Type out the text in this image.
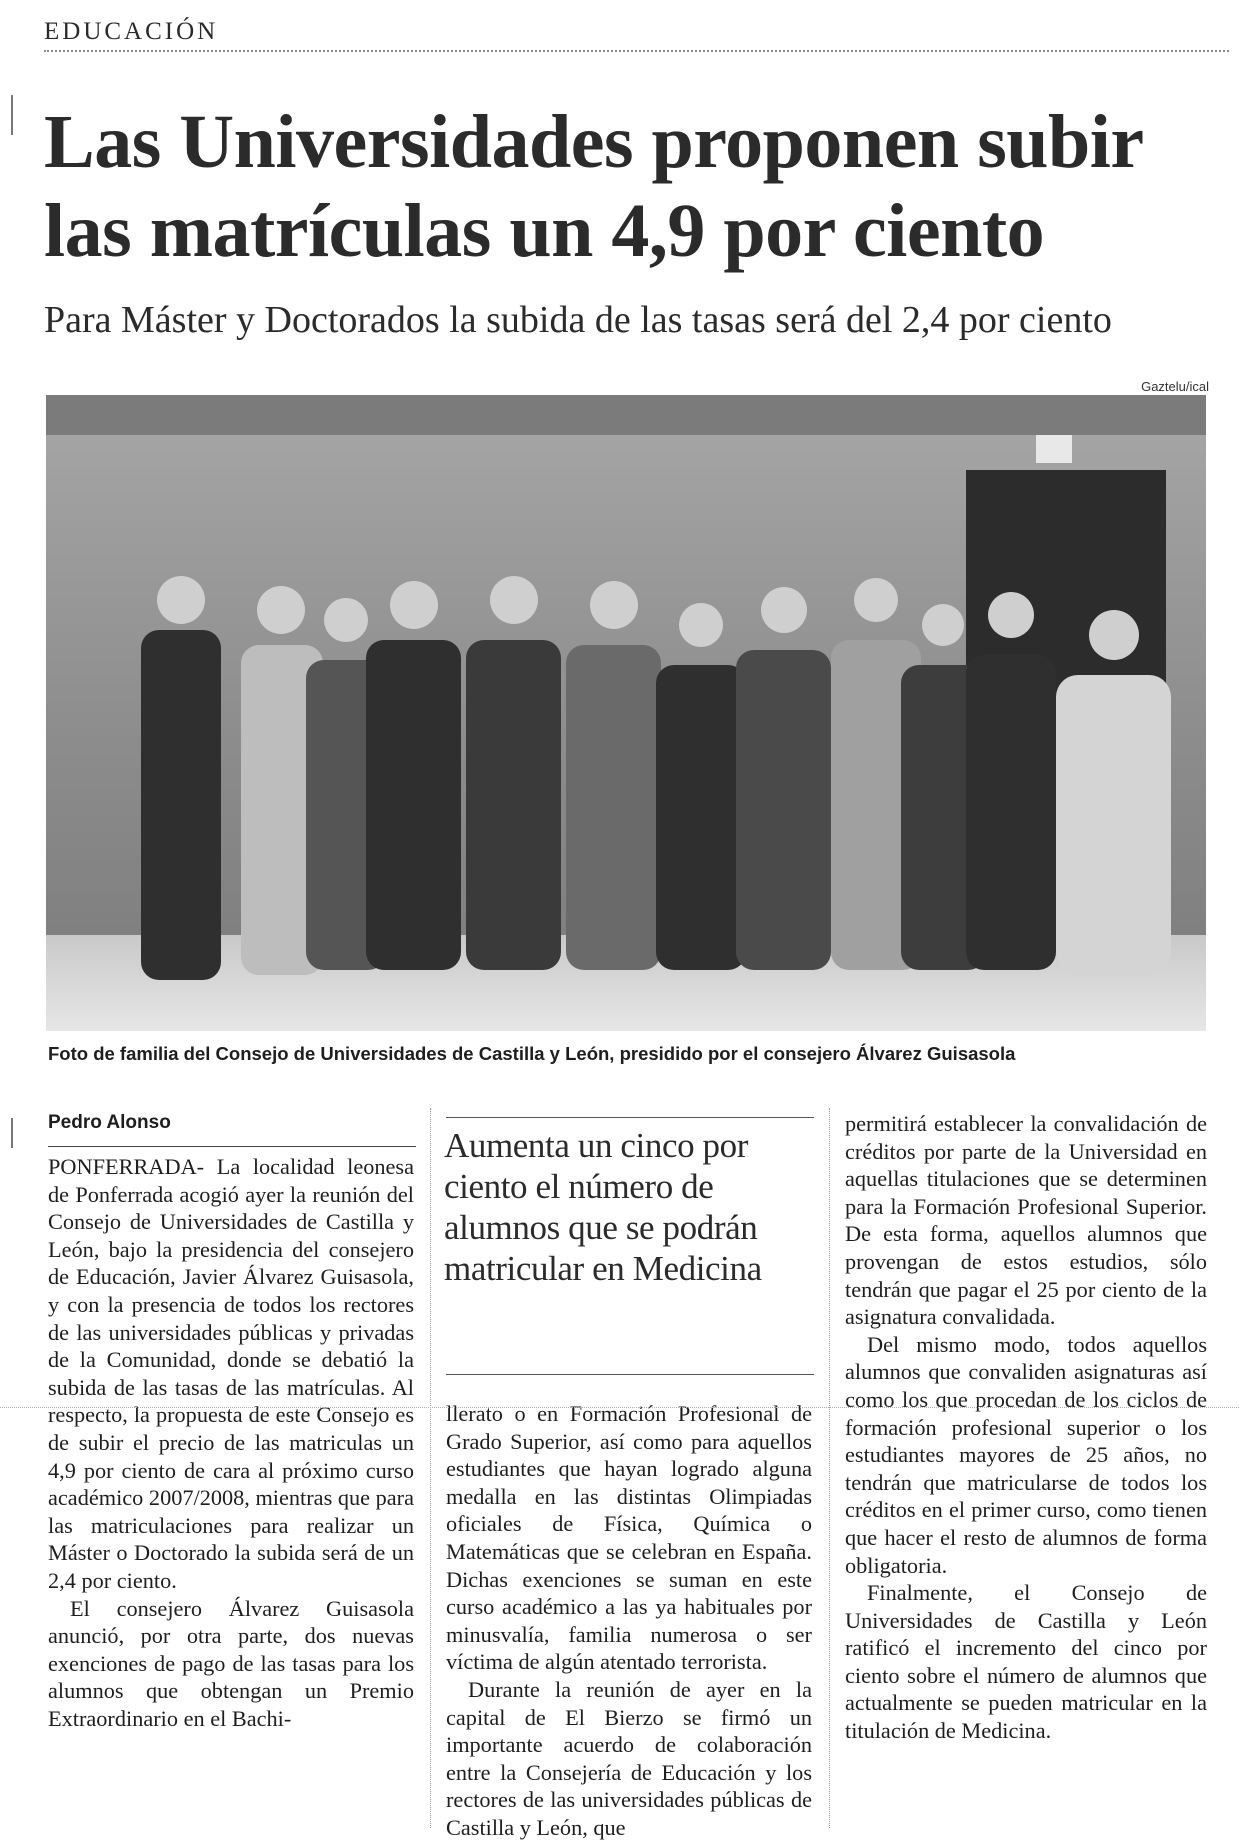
EDUCACIÓN
Las Universidades proponen subir
las matrículas un 4,9 por ciento
Para Máster y Doctorados la subida de las tasas será del 2,4 por ciento
Gaztelu/ical
Foto de familia del Consejo de Universidades de Castilla y León, presidido por el consejero Álvarez Guisasola
Pedro Alonso

PONFERRADA- La localidad leonesa de Ponferrada acogió ayer la reunión del Consejo de Universidades de Castilla y León, bajo la presidencia del consejero de Educación, Javier Álvarez Guisasola, y con la presencia de todos los rectores de las universidades públicas y privadas de la Comunidad, donde se debatió la subida de las tasas de las matrículas. Al respecto, la propuesta de este Consejo es de subir el precio de las matriculas un 4,9 por ciento de cara al próximo curso académico 2007/2008, mientras que para las matriculaciones para realizar un Máster o Doctorado la subida será de un 2,4 por ciento.

El consejero Álvarez Guisasola anunció, por otra parte, dos nuevas exenciones de pago de las tasas para los alumnos que obtengan un Premio Extraordinario en el Bachi-

Aumenta un cinco por ciento el número de alumnos que se podrán matricular en Medicina

llerato o en Formación Profesional de Grado Superior, así como para aquellos estudiantes que hayan logrado alguna medalla en las distintas Olimpiadas oficiales de Física, Química o Matemáticas que se celebran en España. Dichas exenciones se suman en este curso académico a las ya habituales por minusvalía, familia numerosa o ser víctima de algún atentado terrorista.

Durante la reunión de ayer en la capital de El Bierzo se firmó un importante acuerdo de colaboración entre la Consejería de Educación y los rectores de las universidades públicas de Castilla y León, que

permitirá establecer la convalidación de créditos por parte de la Universidad en aquellas titulaciones que se determinen para la Formación Profesional Superior. De esta forma, aquellos alumnos que provengan de estos estudios, sólo tendrán que pagar el 25 por ciento de la asignatura convalidada.

Del mismo modo, todos aquellos alumnos que convaliden asignaturas así como los que procedan de los ciclos de formación profesional superior o los estudiantes mayores de 25 años, no tendrán que matricularse de todos los créditos en el primer curso, como tienen que hacer el resto de alumnos de forma obligatoria.

Finalmente, el Consejo de Universidades de Castilla y León ratificó el incremento del cinco por ciento sobre el número de alumnos que actualmente se pueden matricular en la titulación de Medicina.
